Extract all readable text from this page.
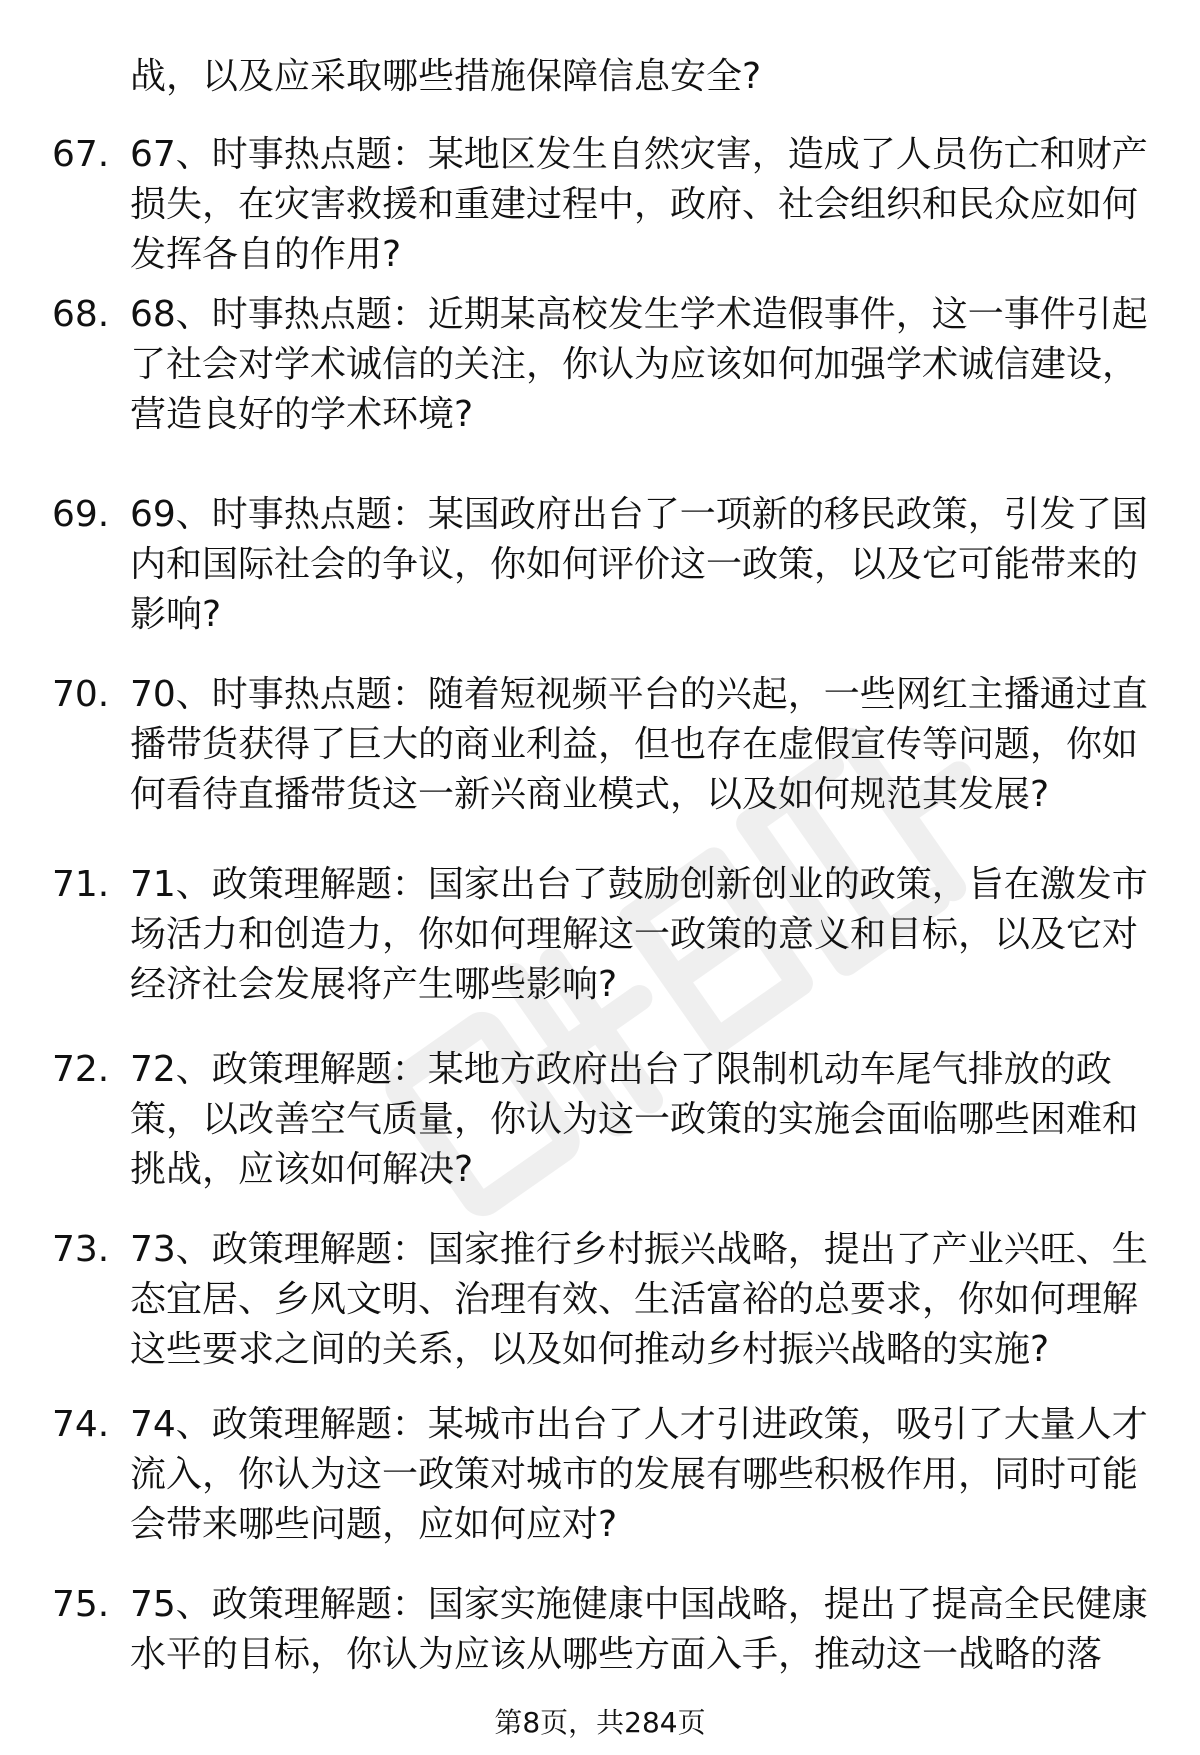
战，以及应采取哪些措施保障信息安全?
67. 67、时事热点题：某地区发生自然灾害，造成了人员伤亡和财产
损失，在灾害救援和重建过程中，政府、社会组织和民众应如何
发挥各自的作用?
68. 68、时事热点题：近期某高校发生学术造假事件，这一事件引起
了社会对学术诚信的关注，你认为应该如何加强学术诚信建设，
营造良好的学术环境?
69. 69、时事热点题：某国政府出台了一项新的移民政策，引发了国
内和国际社会的争议，你如何评价这一政策，以及它可能带来的
影响?
70. 70、时事热点题：随着短视频平台的兴起，一些网红主播通过直
播带货获得了巨大的商业利益，但也存在虚假宣传等问题，你如
何看待直播带货这一新兴商业模式，以及如何规范其发展?
71. 71、政策理解题：国家出台了鼓励创新创业的政策，旨在激发市
场活力和创造力，你如何理解这一政策的意义和目标，以及它对
经济社会发展将产生哪些影响?
72. 72、政策理解题：某地方政府出台了限制机动车尾气排放的政
策，以改善空气质量，你认为这一政策的实施会面临哪些困难和
挑战，应该如何解决?
73. 73、政策理解题：国家推行乡村振兴战略，提出了产业兴旺、生
态宜居、乡风文明、治理有效、生活富裕的总要求，你如何理解
这些要求之间的关系，以及如何推动乡村振兴战略的实施?
74. 74、政策理解题：某城市出台了人才引进政策，吸引了大量人才
流入，你认为这一政策对城市的发展有哪些积极作用，同时可能
会带来哪些问题，应如何应对?
75. 75、政策理解题：国家实施健康中国战略，提出了提高全民健康
水平的目标，你认为应该从哪些方面入手，推动这一战略的落
第8页，共284页
